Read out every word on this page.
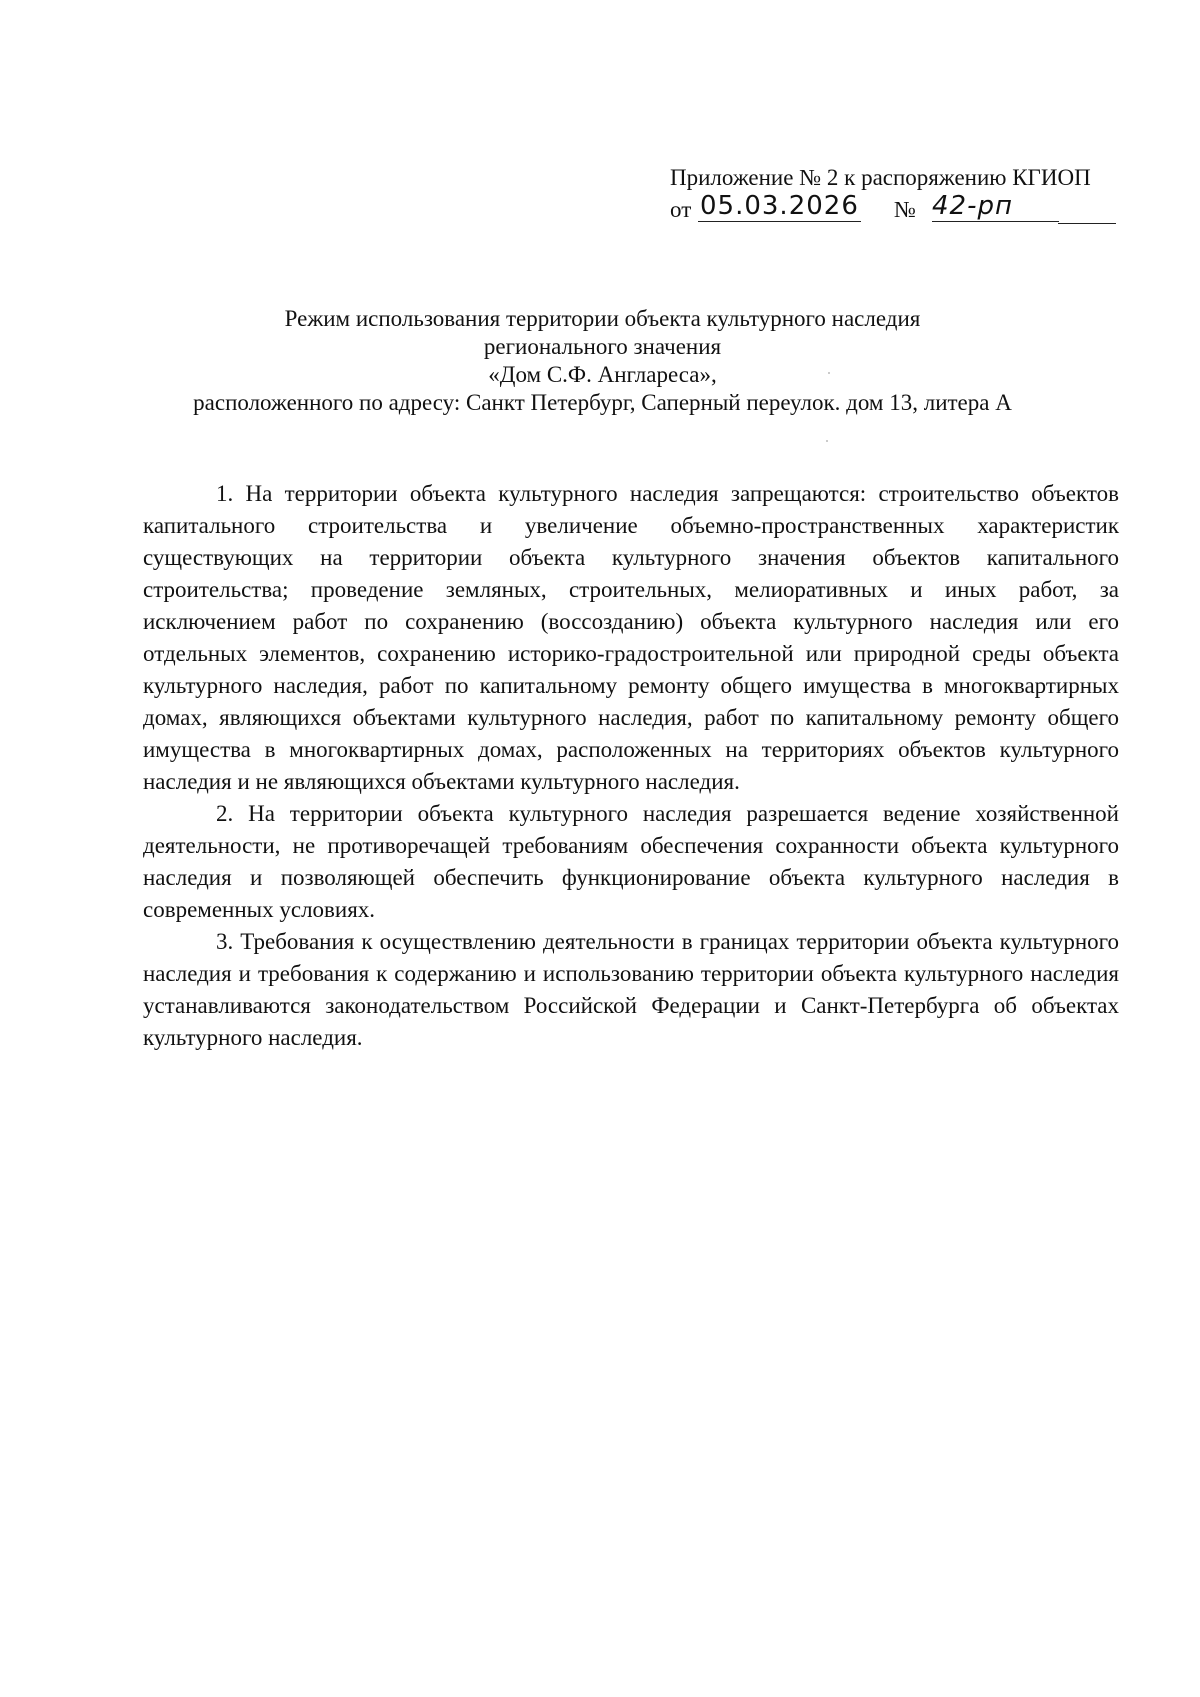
Приложение № 2 к распоряжению КГИОП
от 05.03.2026 № 42-рп
Режим использования территории объекта культурного наследия
регионального значения
«Дом С.Ф. Англареса»,
расположенного по адресу: Санкт Петербург, Саперный переулок. дом 13, литера А

1. На территории объекта культурного наследия запрещаются: строительство объектов капитального строительства и увеличение объемно-пространственных характеристик существующих на территории объекта культурного значения объектов капитального строительства; проведение земляных, строительных, мелиоративных и иных работ, за исключением работ по сохранению (воссозданию) объекта культурного наследия или его отдельных элементов, сохранению историко-градостроительной или природной среды объекта культурного наследия, работ по капитальному ремонту общего имущества в многоквартирных домах, являющихся объектами культурного наследия, работ по капитальному ремонту общего имущества в многоквартирных домах, расположенных на территориях объектов культурного наследия и не являющихся объектами культурного наследия.

2. На территории объекта культурного наследия разрешается ведение хозяйственной деятельности, не противоречащей требованиям обеспечения сохранности объекта культурного наследия и позволяющей обеспечить функционирование объекта культурного наследия в современных условиях.

3. Требования к осуществлению деятельности в границах территории объекта культурного наследия и требования к содержанию и использованию территории объекта культурного наследия устанавливаются законодательством Российской Федерации и Санкт-Петербурга об объектах культурного наследия.
